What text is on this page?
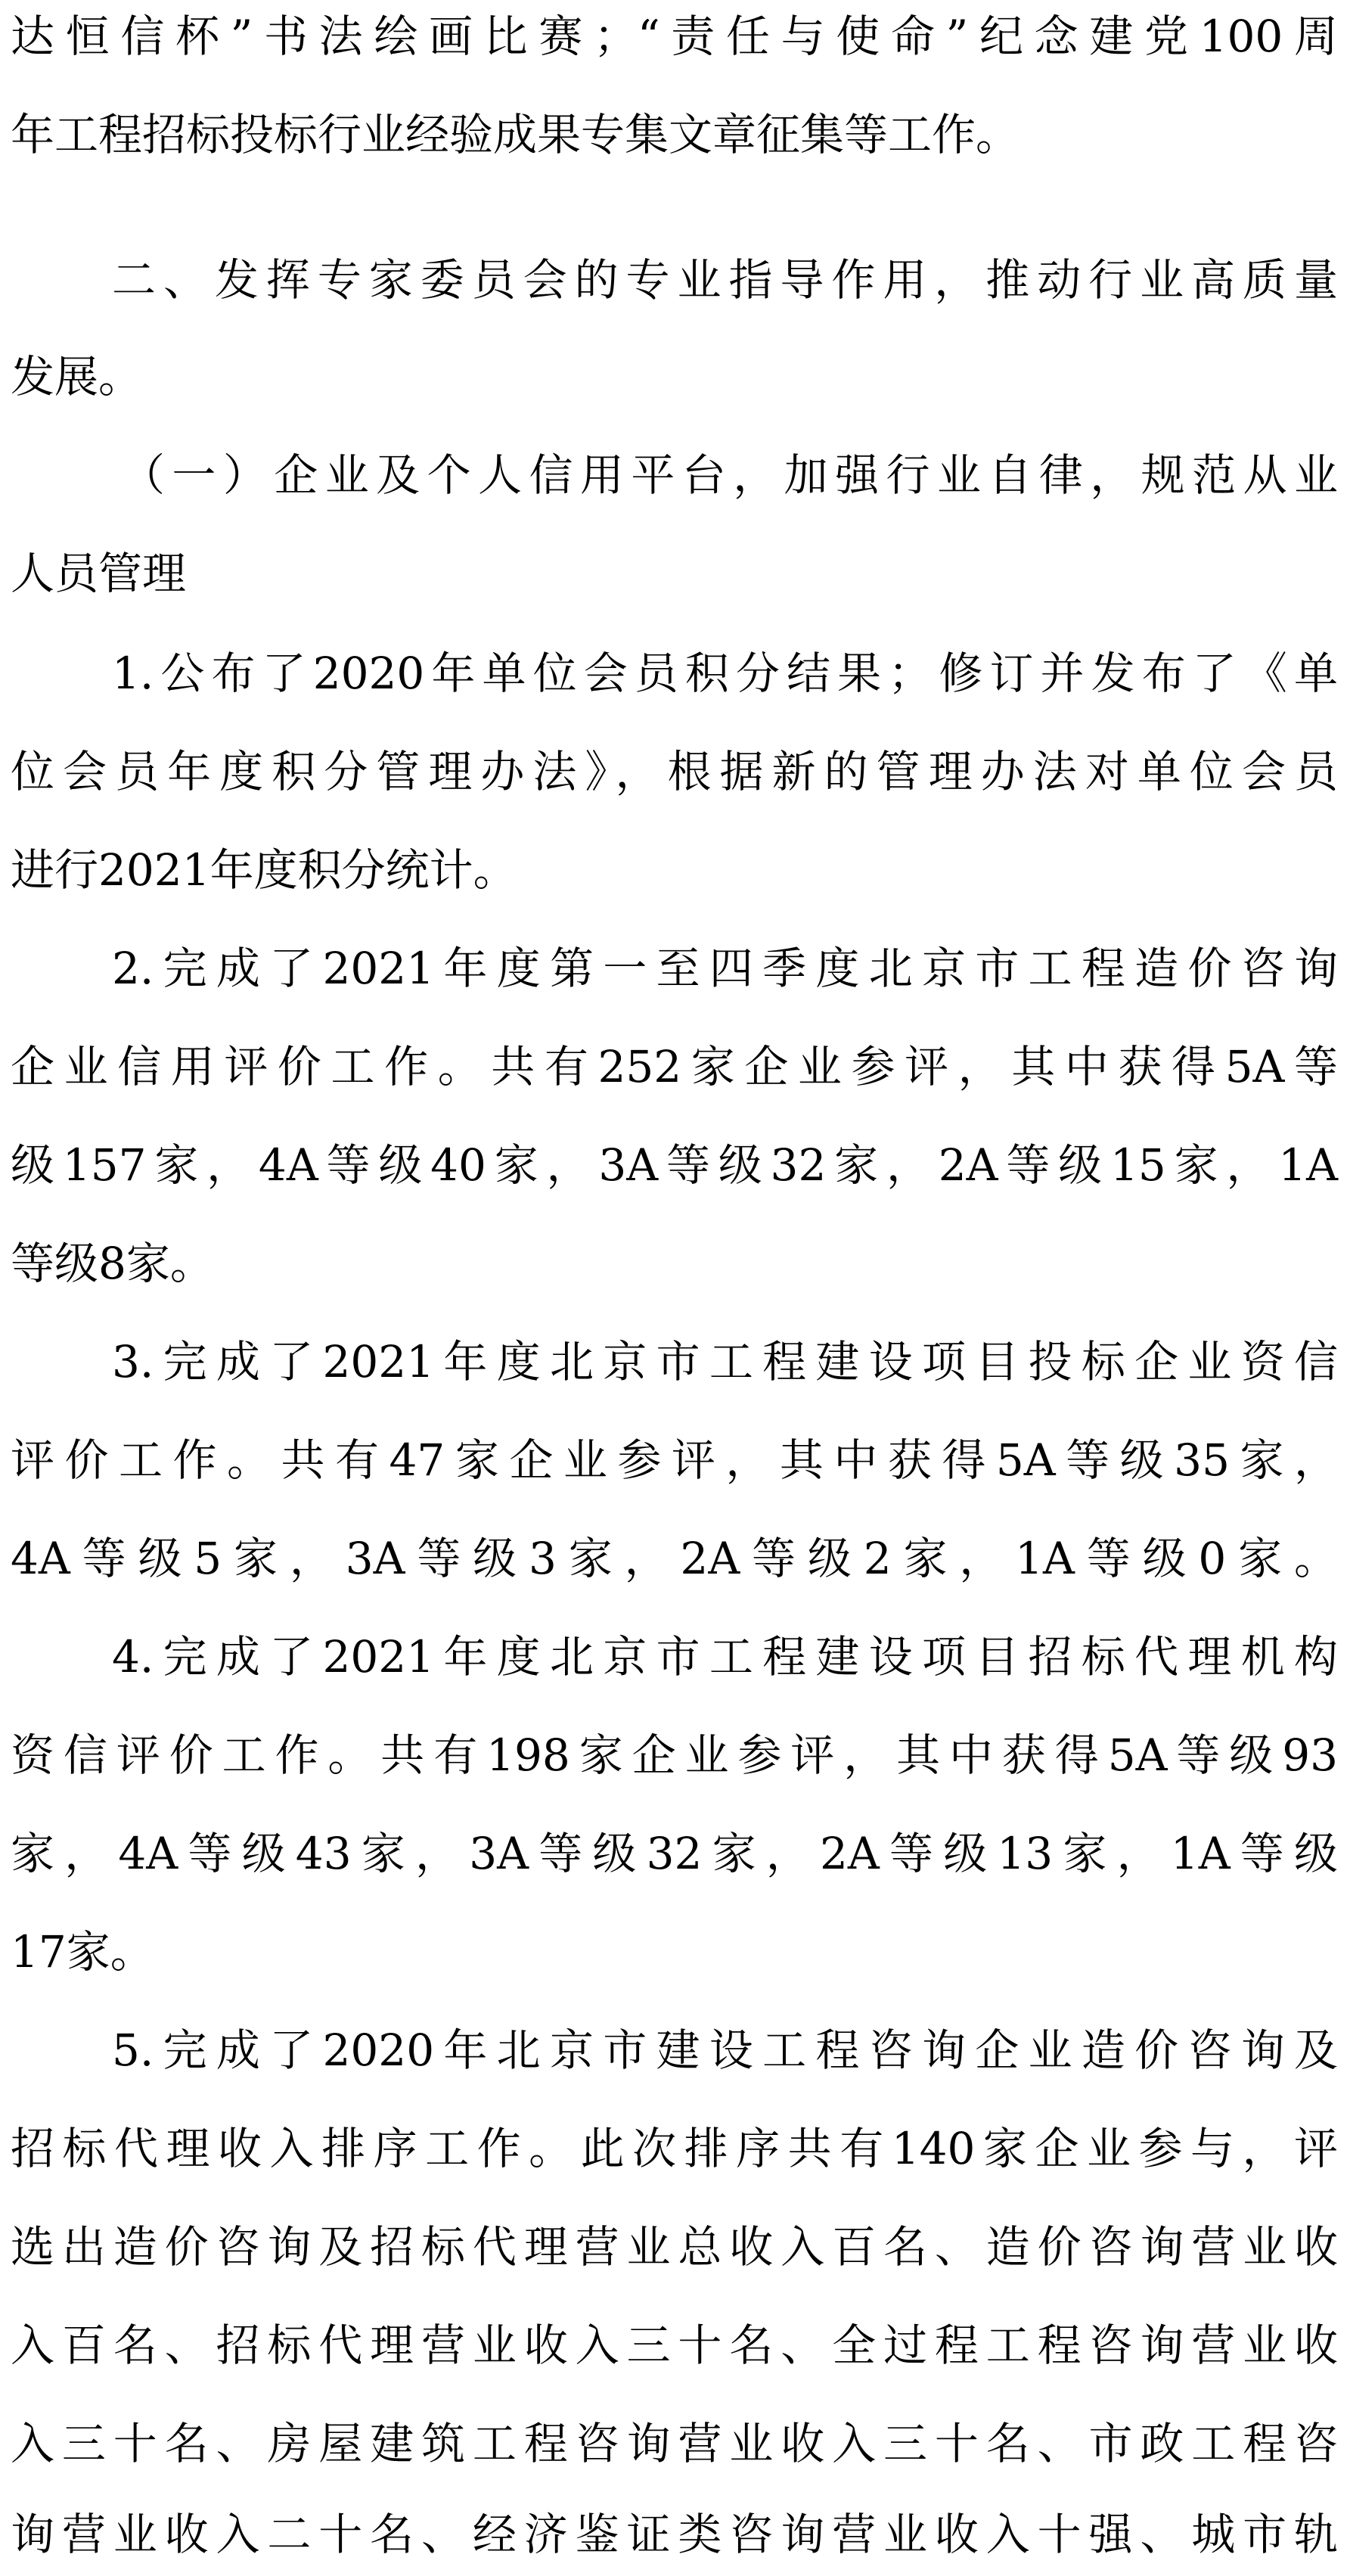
达恒信杯”书法绘画比赛；“责任与使命”纪念建党100周
年工程招标投标行业经验成果专集文章征集等工作。
二、发挥专家委员会的专业指导作用，推动行业高质量
发展。
（一）企业及个人信用平台，加强行业自律，规范从业
人员管理
1.公布了2020年单位会员积分结果；修订并发布了《单
位会员年度积分管理办法》，根据新的管理办法对单位会员
进行2021年度积分统计。
2.完成了2021年度第一至四季度北京市工程造价咨询
企业信用评价工作。共有252家企业参评，其中获得5A等
级157家，4A等级40家，3A等级32家，2A等级15家，1A
等级8家。
3.完成了2021年度北京市工程建设项目投标企业资信
评价工作。共有47家企业参评，其中获得5A等级35家，
4A等级5家，3A等级3家，2A等级2家，1A等级0家。
4.完成了2021年度北京市工程建设项目招标代理机构
资信评价工作。共有198家企业参评，其中获得5A等级93
家，4A等级43家，3A等级32家，2A等级13家，1A等级
17家。
5.完成了2020年北京市建设工程咨询企业造价咨询及
招标代理收入排序工作。此次排序共有140家企业参与，评
选出造价咨询及招标代理营业总收入百名、造价咨询营业收
入百名、招标代理营业收入三十名、全过程工程咨询营业收
入三十名、房屋建筑工程咨询营业收入三十名、市政工程咨
询营业收入二十名、经济鉴证类咨询营业收入十强、城市轨
